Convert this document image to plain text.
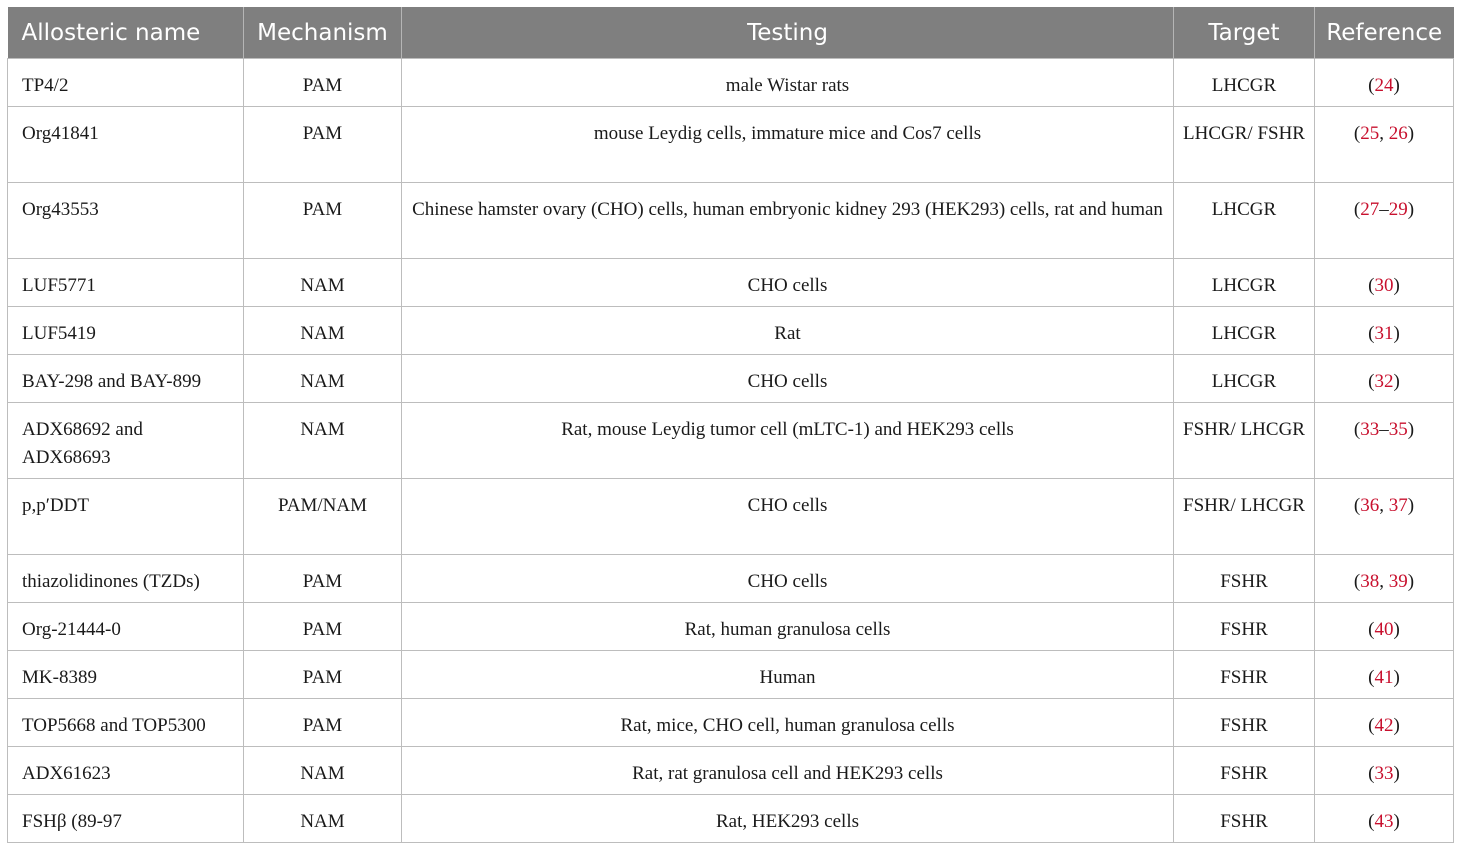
Allosteric name	Mechanism	Testing	Target	Reference
TP4/2	PAM	male Wistar rats	LHCGR	(24)
Org41841	PAM	mouse Leydig cells, immature mice and Cos7 cells	LHCGR/ FSHR	(25, 26)
Org43553	PAM	Chinese hamster ovary (CHO) cells, human embryonic kidney 293 (HEK293) cells, rat and human	LHCGR	(27–29)
LUF5771	NAM	CHO cells	LHCGR	(30)
LUF5419	NAM	Rat	LHCGR	(31)
BAY-298 and BAY-899	NAM	CHO cells	LHCGR	(32)
ADX68692 and ADX68693	NAM	Rat, mouse Leydig tumor cell (mLTC-1) and HEK293 cells	FSHR/ LHCGR	(33–35)
p,p′DDT	PAM/NAM	CHO cells	FSHR/ LHCGR	(36, 37)
thiazolidinones (TZDs)	PAM	CHO cells	FSHR	(38, 39)
Org-21444-0	PAM	Rat, human granulosa cells	FSHR	(40)
MK-8389	PAM	Human	FSHR	(41)
TOP5668 and TOP5300	PAM	Rat, mice, CHO cell, human granulosa cells	FSHR	(42)
ADX61623	NAM	Rat, rat granulosa cell and HEK293 cells	FSHR	(33)
FSHβ (89-97	NAM	Rat, HEK293 cells	FSHR	(43)
